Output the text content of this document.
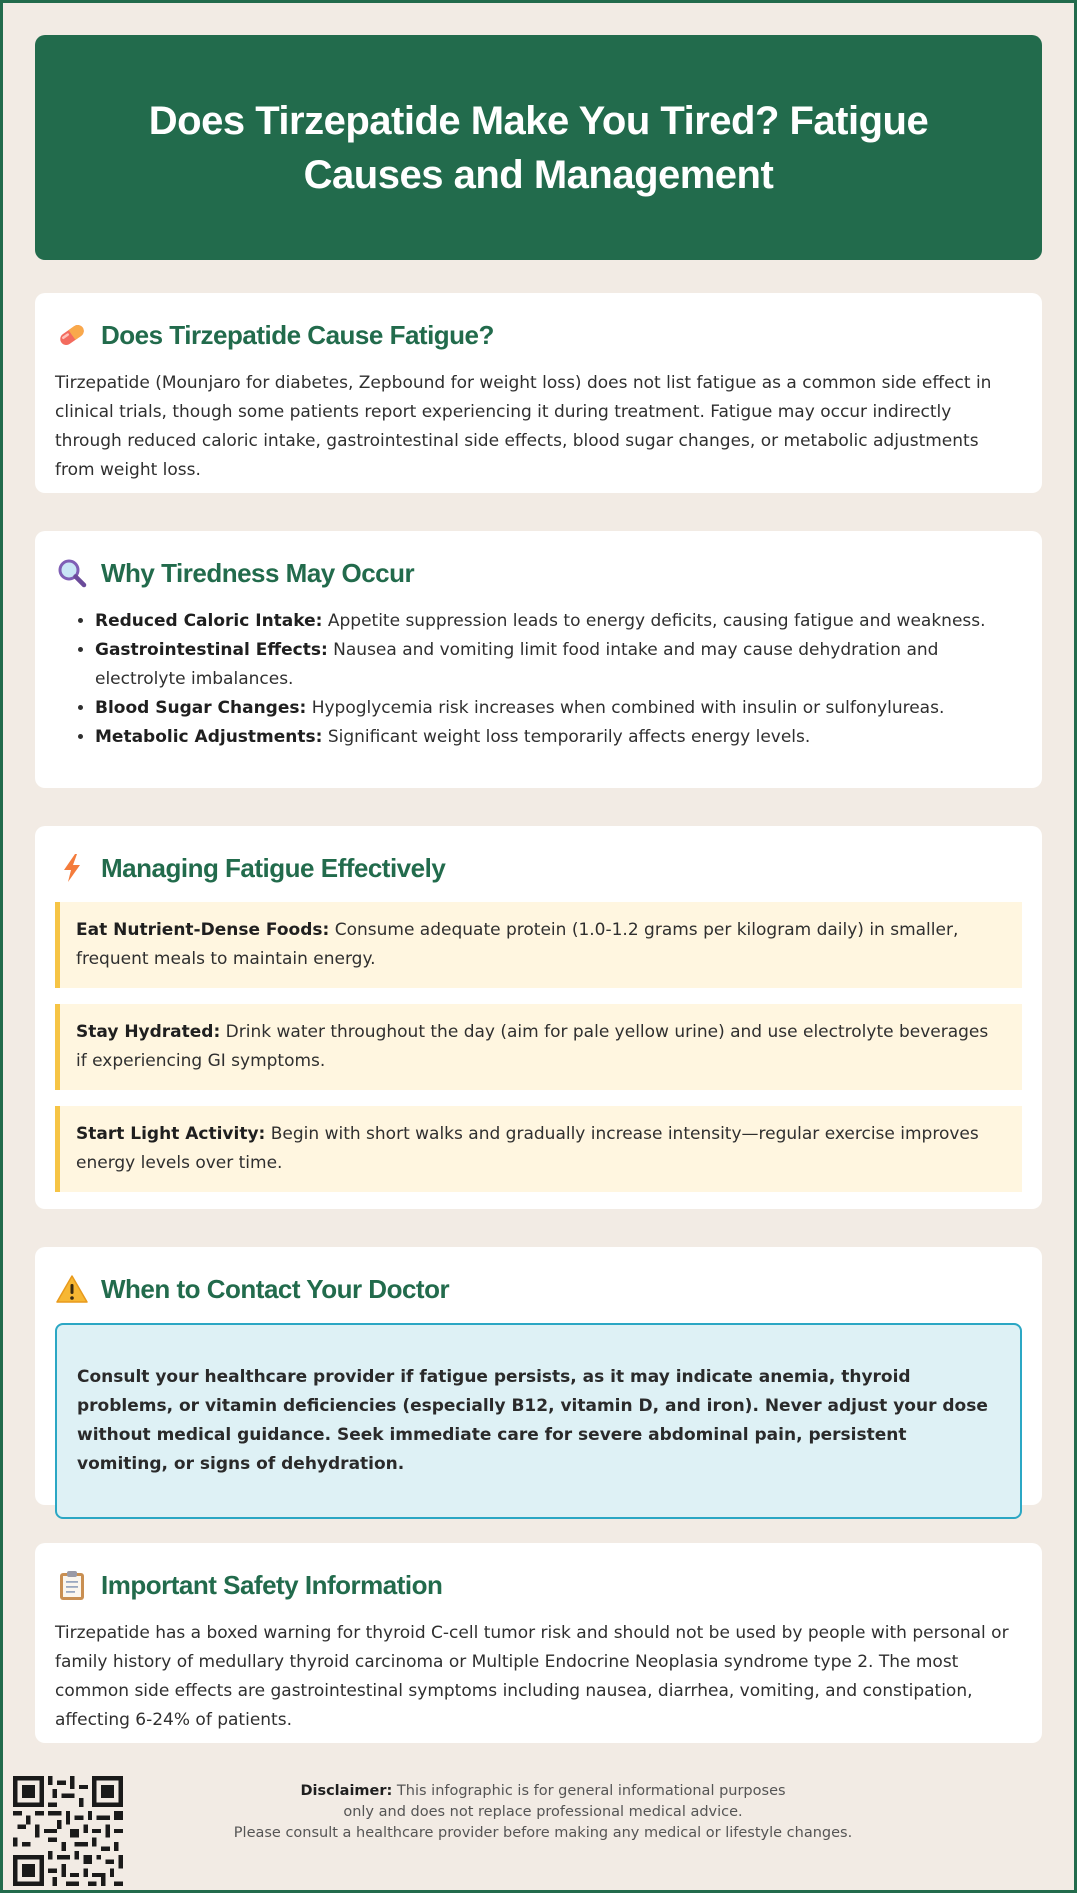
Does Tirzepatide Make You Tired? Fatigue Causes and Management
Does Tirzepatide Cause Fatigue?

Tirzepatide (Mounjaro for diabetes, Zepbound for weight loss) does not list fatigue as a common side effect in clinical trials, though some patients report experiencing it during treatment. Fatigue may occur indirectly through reduced caloric intake, gastrointestinal side effects, blood sugar changes, or metabolic adjustments from weight loss.

Why Tiredness May Occur
• Reduced Caloric Intake: Appetite suppression leads to energy deficits, causing fatigue and weakness.
• Gastrointestinal Effects: Nausea and vomiting limit food intake and may cause dehydration and electrolyte imbalances.
• Blood Sugar Changes: Hypoglycemia risk increases when combined with insulin or sulfonylureas.
• Metabolic Adjustments: Significant weight loss temporarily affects energy levels.
Managing Fatigue Effectively
Eat Nutrient-Dense Foods: Consume adequate protein (1.0-1.2 grams per kilogram daily) in smaller, frequent meals to maintain energy.
Stay Hydrated: Drink water throughout the day (aim for pale yellow urine) and use electrolyte beverages if experiencing GI symptoms.
Start Light Activity: Begin with short walks and gradually increase intensity—regular exercise improves energy levels over time.
When to Contact Your Doctor
Consult your healthcare provider if fatigue persists, as it may indicate anemia, thyroid problems, or vitamin deficiencies (especially B12, vitamin D, and iron). Never adjust your dose without medical guidance. Seek immediate care for severe abdominal pain, persistent vomiting, or signs of dehydration.
Important Safety Information

Tirzepatide has a boxed warning for thyroid C-cell tumor risk and should not be used by people with personal or family history of medullary thyroid carcinoma or Multiple Endocrine Neoplasia syndrome type 2. The most common side effects are gastrointestinal symptoms including nausea, diarrhea, vomiting, and constipation, affecting 6-24% of patients.

Disclaimer: This infographic is for general informational purposes
only and does not replace professional medical advice.
Please consult a healthcare provider before making any medical or lifestyle changes.
